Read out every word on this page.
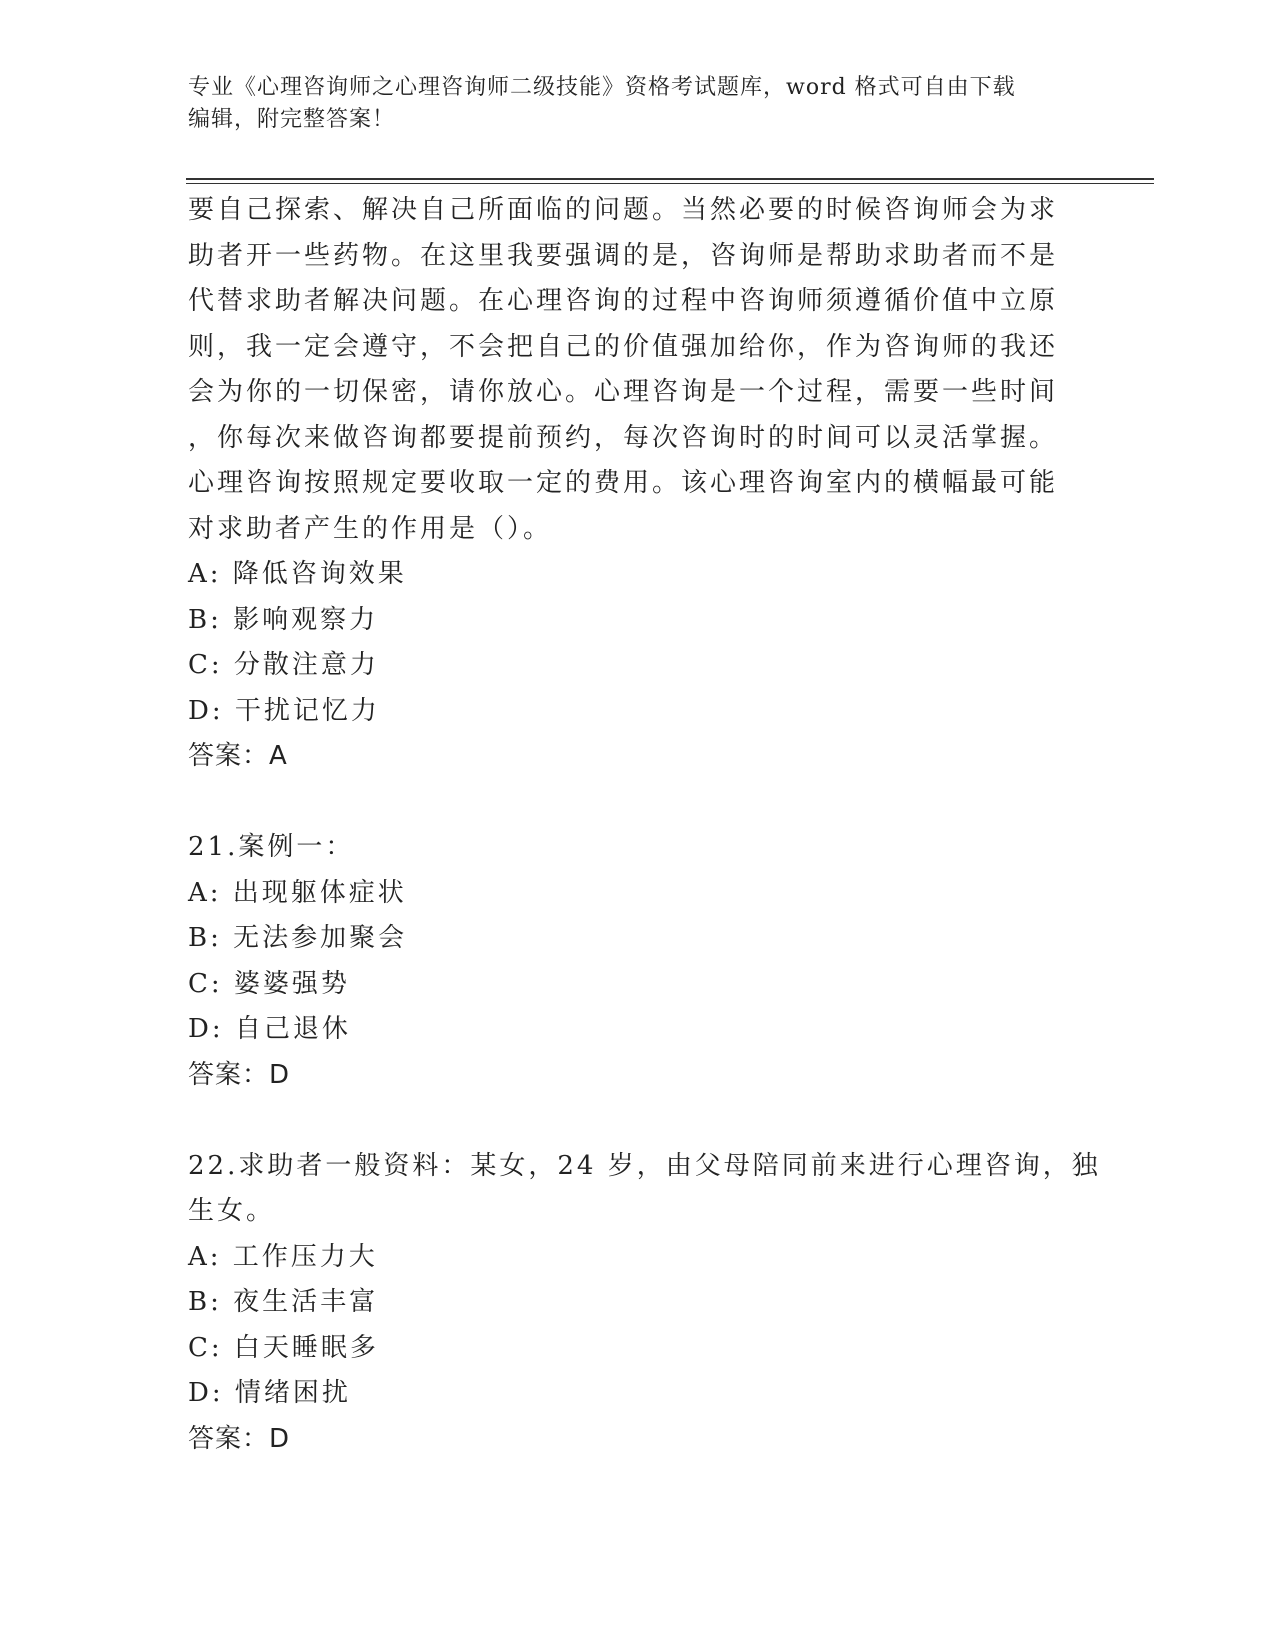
专业《心理咨询师之心理咨询师二级技能》资格考试题库，word 格式可自由下载

编辑，附完整答案！

要自己探索、解决自己所面临的问题。当然必要的时候咨询师会为求
助者开一些药物。在这里我要强调的是，咨询师是帮助求助者而不是
代替求助者解决问题。在心理咨询的过程中咨询师须遵循价值中立原
则，我一定会遵守，不会把自己的价值强加给你，作为咨询师的我还
会为你的一切保密，请你放心。心理咨询是一个过程，需要一些时间
，你每次来做咨询都要提前预约，每次咨询时的时间可以灵活掌握。
心理咨询按照规定要收取一定的费用。该心理咨询室内的横幅最可能
对求助者产生的作用是（）。
A: 降低咨询效果
B: 影响观察力
C: 分散注意力
D: 干扰记忆力
答案：A
21.案例一：
A: 出现躯体症状
B: 无法参加聚会
C: 婆婆强势
D: 自己退休
答案：D
22.求助者一般资料：某女，24 岁，由父母陪同前来进行心理咨询，独
生女。
A: 工作压力大
B: 夜生活丰富
C: 白天睡眠多
D: 情绪困扰
答案：D
